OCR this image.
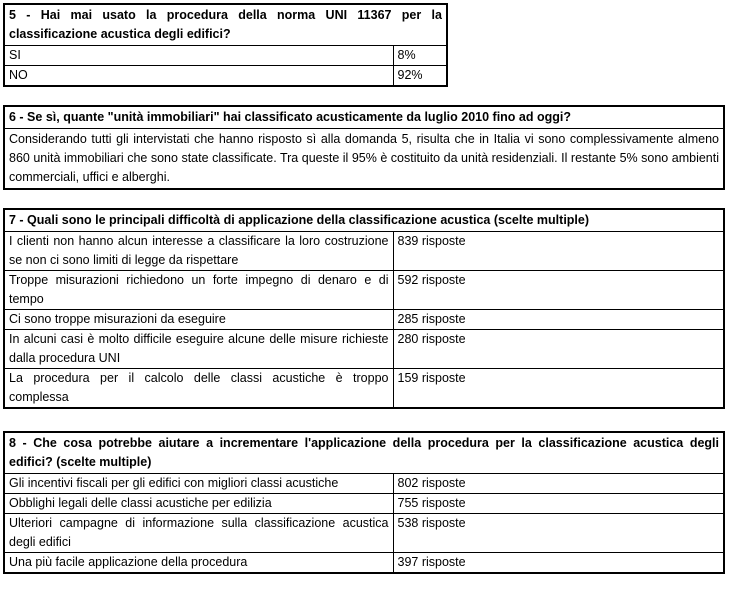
5 - Hai mai usato la procedura della norma UNI 11367 per la classificazione acustica degli edifici?	
SI	8%
NO	92%
6 - Se sì, quante "unità immobiliari" hai classificato acusticamente da luglio 2010 fino ad oggi?
Considerando tutti gli intervistati che hanno risposto sì alla domanda 5, risulta che in Italia vi sono complessivamente almeno 860 unità immobiliari che sono state classificate. Tra queste il 95% è costituito da unità residenziali. Il restante 5% sono ambienti commerciali, uffici e alberghi.
7 - Quali sono le principali difficoltà di applicazione della classificazione acustica (scelte multiple)	
I clienti non hanno alcun interesse a classificare la loro costruzione se non ci sono limiti di legge da rispettare	839 risposte
Troppe misurazioni richiedono un forte impegno di denaro e di tempo	592 risposte
Ci sono troppe misurazioni da eseguire	285 risposte
In alcuni casi è molto difficile eseguire alcune delle misure richieste dalla procedura UNI	280 risposte
La procedura per il calcolo delle classi acustiche è troppo complessa	159 risposte
8 - Che cosa potrebbe aiutare a incrementare l'applicazione della procedura per la classificazione acustica degli edifici? (scelte multiple)	
Gli incentivi fiscali per gli edifici con migliori classi acustiche	802 risposte
Obblighi legali delle classi acustiche per edilizia	755 risposte
Ulteriori campagne di informazione sulla classificazione acustica degli edifici	538 risposte
Una più facile applicazione della procedura	397 risposte
